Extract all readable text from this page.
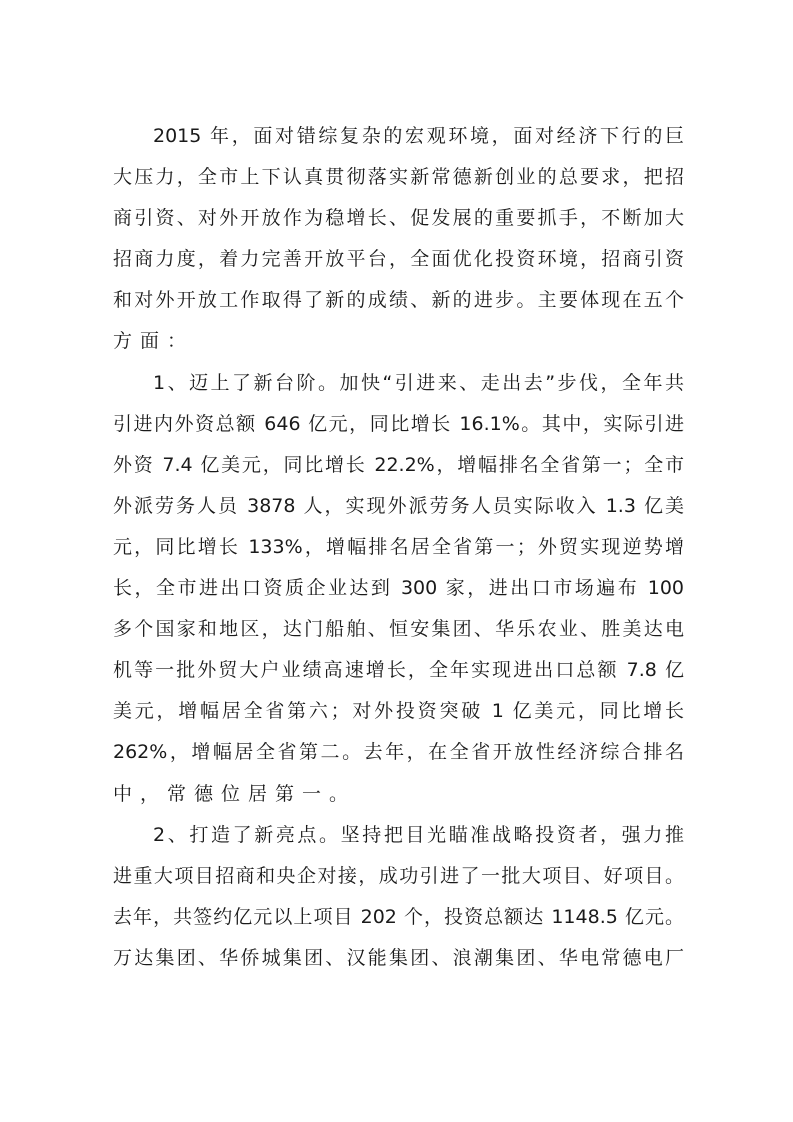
2015 年，面对错综复杂的宏观环境，面对经济下行的巨
大压力，全市上下认真贯彻落实新常德新创业的总要求，把招
商引资、对外开放作为稳增长、促发展的重要抓手，不断加大
招商力度，着力完善开放平台，全面优化投资环境，招商引资
和对外开放工作取得了新的成绩、新的进步。主要体现在五个
方面：
1、迈上了新台阶。加快“引进来、走出去”步伐，全年共
引进内外资总额 646 亿元，同比增长 16.1%。其中，实际引进
外资 7.4 亿美元，同比增长 22.2%，增幅排名全省第一；全市
外派劳务人员 3878 人，实现外派劳务人员实际收入 1.3 亿美
元，同比增长 133%，增幅排名居全省第一；外贸实现逆势增
长，全市进出口资质企业达到 300 家，进出口市场遍布 100
多个国家和地区，达门船舶、恒安集团、华乐农业、胜美达电
机等一批外贸大户业绩高速增长，全年实现进出口总额 7.8 亿
美元，增幅居全省第六；对外投资突破 1 亿美元，同比增长
262%，增幅居全省第二。去年，在全省开放性经济综合排名
中，常德位居第一。
2、打造了新亮点。坚持把目光瞄准战略投资者，强力推
进重大项目招商和央企对接，成功引进了一批大项目、好项目。
去年，共签约亿元以上项目 202 个，投资总额达 1148.5 亿元。
万达集团、华侨城集团、汉能集团、浪潮集团、华电常德电厂
